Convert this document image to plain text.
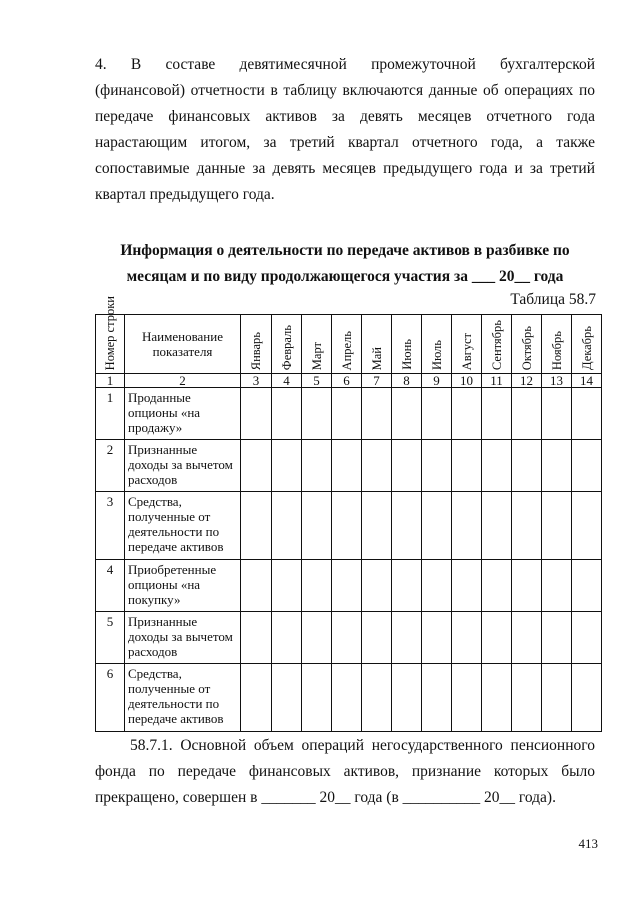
4.    В    составе    девятимесячной    промежуточной    бухгалтерской
(финансовой) отчетности в таблицу включаются данные об операциях по
передаче финансовых активов за девять месяцев отчетного года
нарастающим итогом, за третий квартал отчетного года, а также
сопоставимые данные за девять месяцев предыдущего года и за третий
квартал предыдущего года.
Информация о деятельности по передаче активов в разбивке по
месяцам и по виду продолжающегося участия за ___ 20__ года
Таблица 58.7
Номер строки	Наименование показателя	Январь	Февраль	Март	Апрель	Май	Июнь	Июль	Август	Сентябрь	Октябрь	Ноябрь	Декабрь

1	2	3	4	5	6	7	8	9	10	11	12	13	14
1	Проданные опционы «на продажу»												
2	Признанные доходы за вычетом расходов												
3	Средства, полученные от деятельности по передаче активов												
4	Приобретенные опционы «на покупку»												
5	Признанные доходы за вычетом расходов												
6	Средства, полученные от деятельности по передаче активов												
58.7.1. Основной объем операций негосударственного пенсионного
фонда по передаче финансовых активов, признание которых было
прекращено, совершен в _______ 20__ года (в __________ 20__ года).
413
